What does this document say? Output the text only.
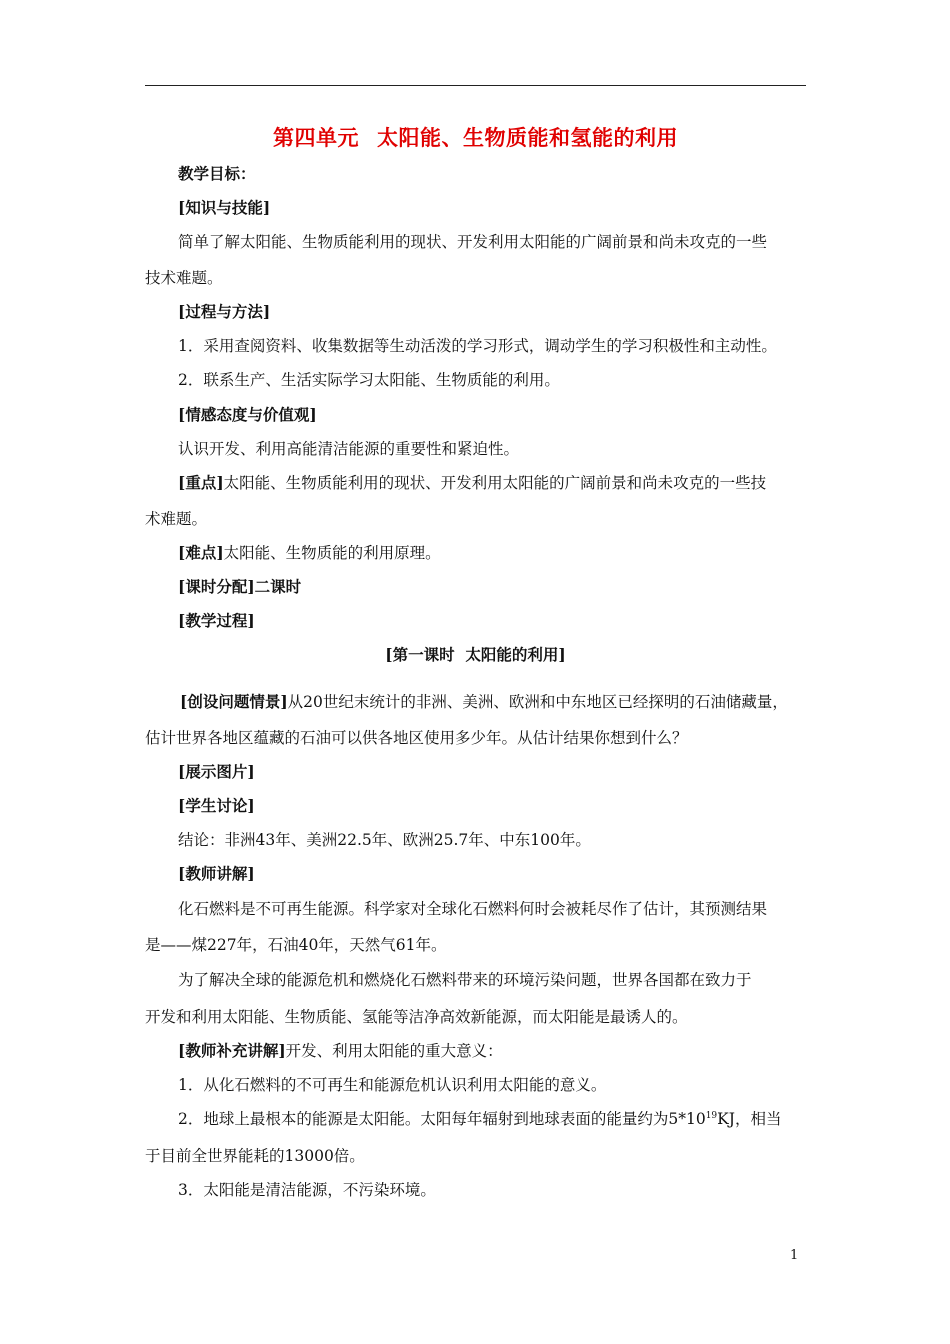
第四单元 太阳能、生物质能和氢能的利用
教学目标：
[知识与技能]
简单了解太阳能、生物质能利用的现状、开发利用太阳能的广阔前景和尚未攻克的一些
技术难题。
[过程与方法]
1．采用查阅资料、收集数据等生动活泼的学习形式，调动学生的学习积极性和主动性。
2．联系生产、生活实际学习太阳能、生物质能的利用。
[情感态度与价值观]
认识开发、利用高能清洁能源的重要性和紧迫性。
[重点]太阳能、生物质能利用的现状、开发利用太阳能的广阔前景和尚未攻克的一些技
术难题。
[难点]太阳能、生物质能的利用原理。
[课时分配]二课时
[教学过程]
[第一课时  太阳能的利用]
[创设问题情景]从20世纪末统计的非洲、美洲、欧洲和中东地区已经探明的石油储藏量，
估计世界各地区蕴藏的石油可以供各地区使用多少年。从估计结果你想到什么？
[展示图片]
[学生讨论]
结论：非洲43年、美洲22.5年、欧洲25.7年、中东100年。
[教师讲解]
化石燃料是不可再生能源。科学家对全球化石燃料何时会被耗尽作了估计，其预测结果
是——煤227年，石油40年，天然气61年。
为了解决全球的能源危机和燃烧化石燃料带来的环境污染问题，世界各国都在致力于
开发和利用太阳能、生物质能、氢能等洁净高效新能源，而太阳能是最诱人的。
[教师补充讲解]开发、利用太阳能的重大意义：
1．从化石燃料的不可再生和能源危机认识利用太阳能的意义。
2．地球上最根本的能源是太阳能。太阳每年辐射到地球表面的能量约为$5*10^{19}KJ$，相当
于目前全世界能耗的13000倍。
3．太阳能是清洁能源，不污染环境。
1
